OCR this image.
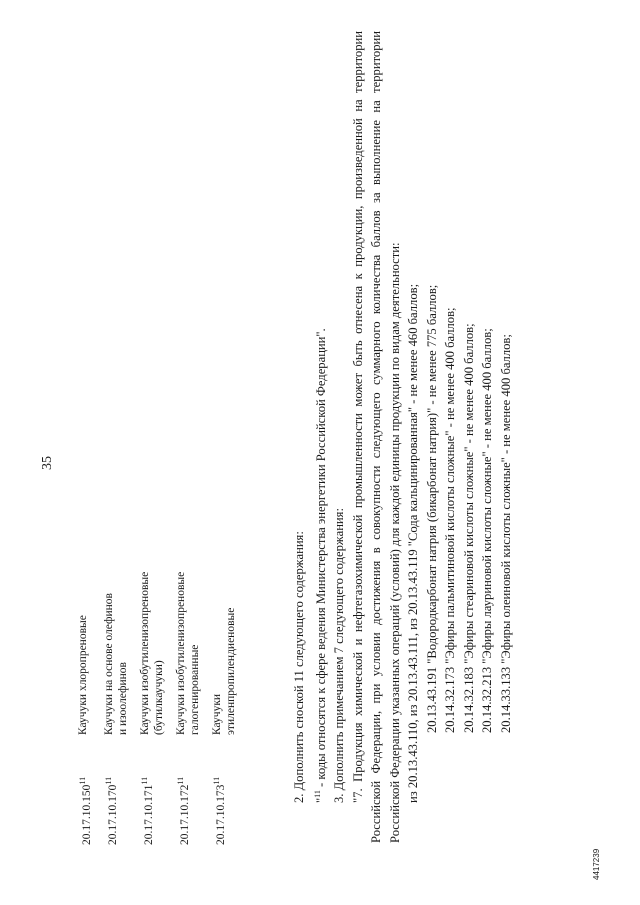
35
20.17.10.150$^{11}$
Каучуки хлоропреновые
20.17.10.170$^{11}$
Каучуки на основе олефинов и изоолефинов
20.17.10.171$^{11}$
Каучуки изобутиленизопреновые (бутилкаучуки)
20.17.10.172$^{11}$
Каучуки изобутиленизопреновые галогенированные
20.17.10.173$^{11}$
Каучуки этиленпропилендиеновые	2. Дополнить сноской 11 следующего содержания: "$^{11}$ - коды относятся к сфере ведения Министерства энергетики Российской Федерации". 3. Дополнить примечанием 7 следующего содержания: "7. Продукция химической и нефтегазохимической промышленности может быть отнесена к продукции, произведенной на территории Российской Федерации, при условии достижения в совокупности следующего суммарного количества баллов за выполнение на территории Российской Федерации указанных операций (условий) для каждой единицы продукции по видам деятельности: из 20.13.43.110, из 20.13.43.111, из 20.13.43.119 "Сода кальцинированная" - не менее 460 баллов; 20.13.43.191 "Водородкарбонат натрия (бикарбонат натрия)" - не менее 775 баллов; 20.14.32.173 "Эфиры пальмитиновой кислоты сложные" - не менее 400 баллов; 20.14.32.183 "Эфиры стеариновой кислоты сложные" - не менее 400 баллов; 20.14.32.213 "Эфиры лауриновой кислоты сложные" - не менее 400 баллов; 20.14.33.133 "Эфиры олеиновой кислоты сложные" - не менее 400 баллов;
4417239
